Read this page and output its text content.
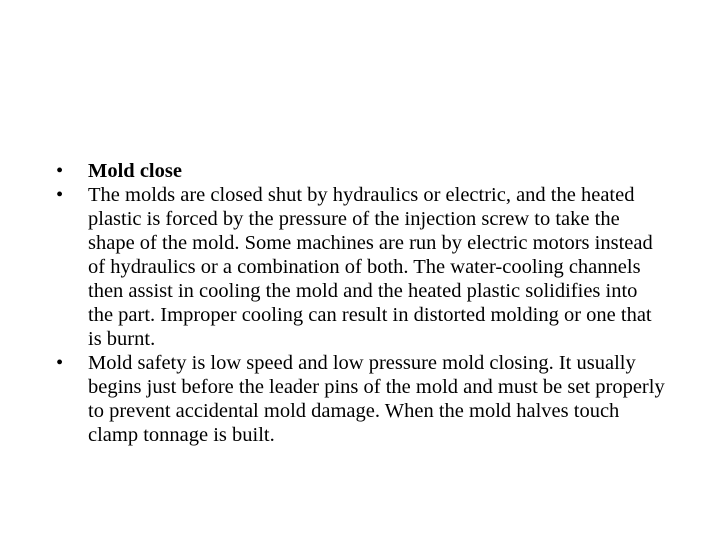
•	Mold close
•	The molds are closed shut by hydraulics or electric, and the heated plastic is forced by the pressure of the injection screw to take the shape of the mold. Some machines are run by electric motors instead of hydraulics or a combination of both. The water-cooling channels then assist in cooling the mold and the heated plastic solidifies into the part. Improper cooling can result in distorted molding or one that is burnt.
•	Mold safety is low speed and low pressure mold closing. It usually begins just before the leader pins of the mold and must be set properly to prevent accidental mold damage. When the mold halves touch clamp tonnage is built.
